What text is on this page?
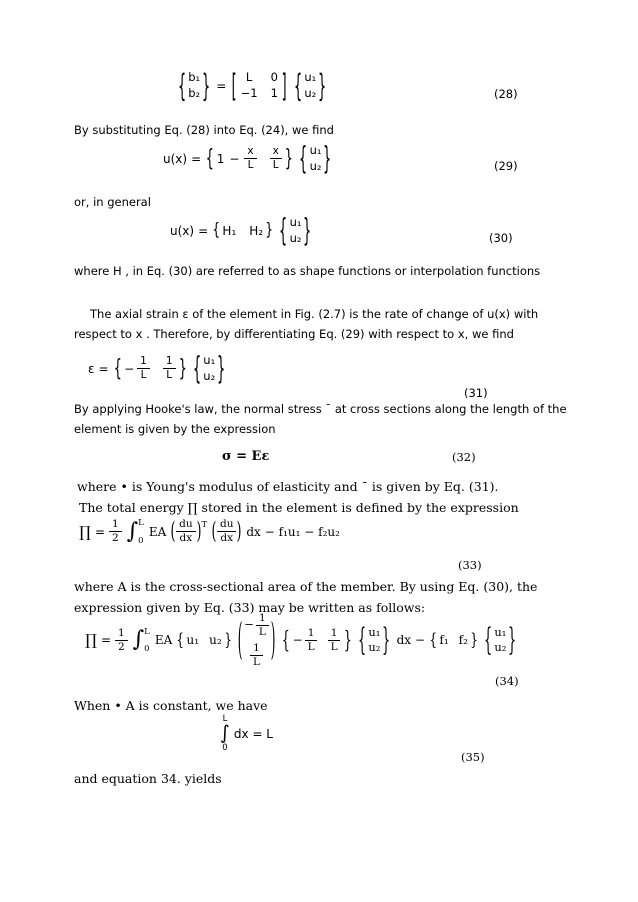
{ b₁
b₂ } = [ L	0
−1 1 ] { u₁
u₂ }	(28)

By substituting Eq. (28) into Eq. (24), we find

u(x) = { $1 - \frac{x}{L} \frac{x}{L}$ } { u₁
u₂ }	(29)

or, in general

u(x) = { H₁ H₂ } { u₁
u₂ }	(30)

where H , in Eq. (30) are referred to as shape functions or interpolation functions

The axial strain ε of the element in Fig. (2.7) is the rate of change of u(x) with respect to x . Therefore, by differentiating Eq. (29) with respect to x, we find

ε = { − $\frac{1}{L} \frac{1}{L}$ } { u₁
u₂ }
(31)

By applying Hooke's law, the normal stress ¯ at cross sections along the length of the element is given by the expression

σ = Eε	(32)

where • is Young's modulus of elasticity and ¯ is given by Eq. (31).

The total energy ∏ stored in the element is defined by the expression

∏ = $\frac{1}{2}$ ∫ L
0
EA ( $\frac{du}{dx}$ ) T ( $\frac{du}{dx}$ ) dx − f₁u₁ − f₂u₂
(33)

where A is the cross-sectional area of the member. By using Eq. (30), the expression given by Eq. (33) may be written as follows:

∏ = $\frac{1}{2}$ ∫ L
0
EA { u₁ u₂ } ( − $\frac{1}{L}$
$\frac{1}{L}$ ) { − $\frac{1}{L} \frac{1}{L}$ } { u₁
u₂ } dx − { f₁ f₂ } { u₁
u₂ }
(34)

When • A is constant, we have

L
∫
0
dx = L
(35)

and equation 34. yields
